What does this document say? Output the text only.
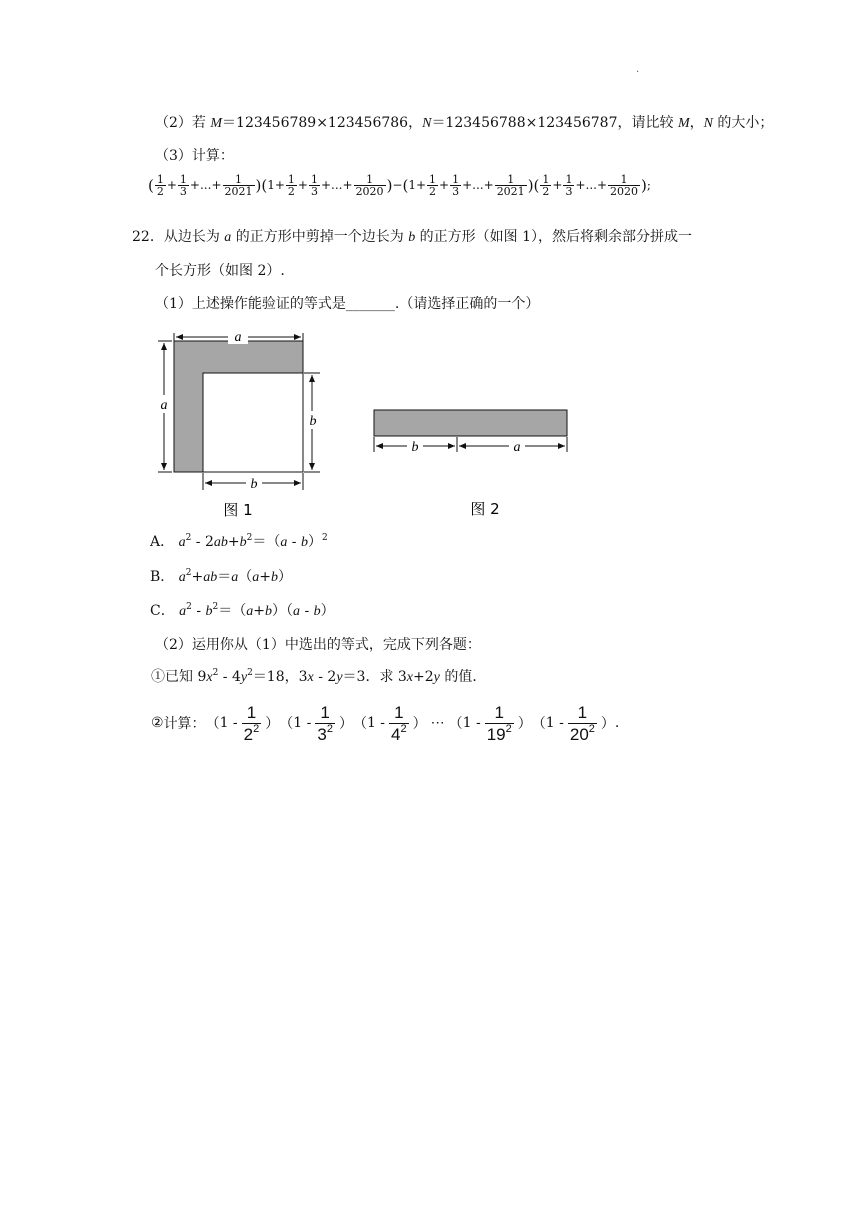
.
（2）若 M＝123456789×123456786，N＝123456788×123456787，请比较 M，N 的大小；
（3）计算：
( $\frac{1}{2} + \frac{1}{3}$ +...+ $\frac{1}{2021} )(1+ \frac{1}{2} + \frac{1}{3}$ +...+ $\frac{1}{2020} )-(1+ \frac{1}{2} + \frac{1}{3}$ +...+ $\frac{1}{2021}$ )( $\frac{1}{2} + \frac{1}{3}$ +...+ $\frac{1}{2020}$ );
22．从边长为 a 的正方形中剪掉一个边长为 b 的正方形（如图 1），然后将剩余部分拼成一
个长方形（如图 2）.
（1）上述操作能验证的等式是_______.（请选择正确的一个）
a
a
b
b
图 1
b	a
图 2
A． $a^2 - 2ab+b^2=(a - b)^2$
B． $a^2+ab=a(a+b)$
C． $a^2 - b^2=(a+b)(a - b)$
（2）运用你从（1）中选出的等式，完成下列各题：
①已知 $9x^2 - 4y^2=18$，3x - 2y＝3．求 3x+2y 的值．
② 计算： （ $1 - \frac{1}{2^2}$ ） （ $1 - \frac{1}{3^2}$ ） （ $1 - \frac{1}{4^2}$ ） ⋯ （ $1 - \frac{1}{19^2}$ ） （ $1 - \frac{1}{20^2}$ ） .
